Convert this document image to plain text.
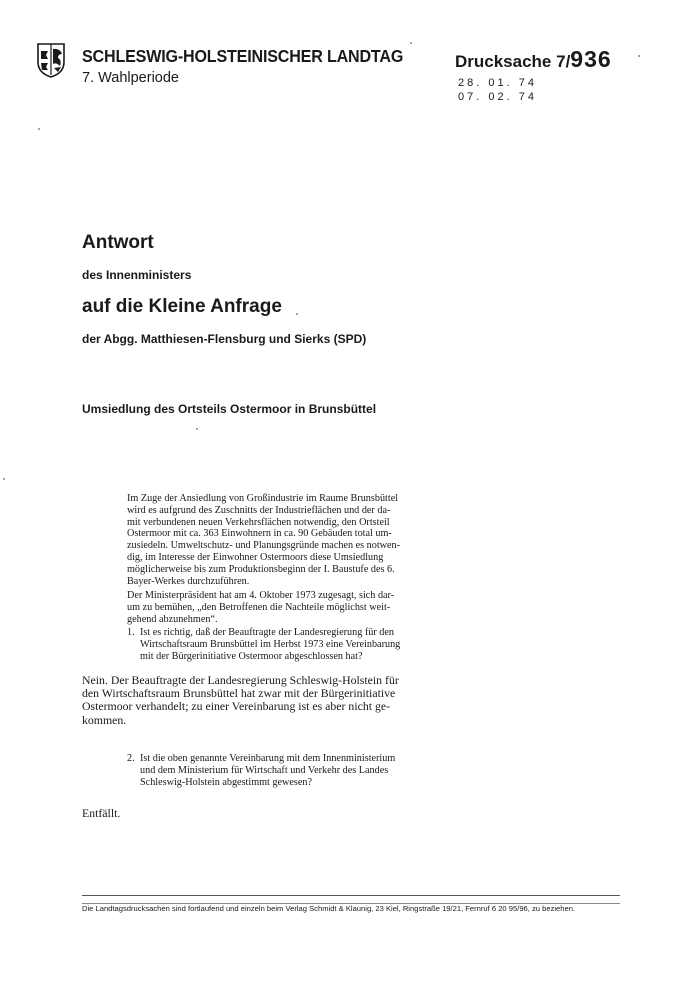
SCHLESWIG-HOLSTEINISCHER LANDTAG
7. Wahlperiode
Drucksache 7/936
28. 01. 74
07. 02. 74
Antwort
des Innenministers
auf die Kleine Anfrage
der Abgg. Matthiesen-Flensburg und Sierks (SPD)
Umsiedlung des Ortsteils Ostermoor in Brunsbüttel
Im Zuge der Ansiedlung von Großindustrie im Raume Brunsbüttel
wird es aufgrund des Zuschnitts der Industrieflächen und der da-
mit verbundenen neuen Verkehrsflächen notwendig, den Ortsteil
Ostermoor mit ca. 363 Einwohnern in ca. 90 Gebäuden total um-
zusiedeln. Umweltschutz- und Planungsgründe machen es notwen-
dig, im Interesse der Einwohner Ostermoors diese Umsiedlung
möglicherweise bis zum Produktionsbeginn der I. Baustufe des 6.
Bayer-Werkes durchzuführen.
Der Ministerpräsident hat am 4. Oktober 1973 zugesagt, sich dar-
um zu bemühen, „den Betroffenen die Nachteile möglichst weit-
gehend abzunehmen“.
1. Ist es richtig, daß der Beauftragte der Landesregierung für den
Wirtschaftsraum Brunsbüttel im Herbst 1973 eine Vereinbarung
mit der Bürgerinitiative Ostermoor abgeschlossen hat?
Nein. Der Beauftragte der Landesregierung Schleswig-Holstein für
den Wirtschaftsraum Brunsbüttel hat zwar mit der Bürgerinitiative
Ostermoor verhandelt; zu einer Vereinbarung ist es aber nicht ge-
kommen.
2. Ist die oben genannte Vereinbarung mit dem Innenministerium
und dem Ministerium für Wirtschaft und Verkehr des Landes
Schleswig-Holstein abgestimmt gewesen?
Entfällt.
Die Landtagsdrucksachen sind fortlaufend und einzeln beim Verlag Schmidt & Klaunig, 23 Kiel, Ringstraße 19/21, Fernruf 6 20 95/96, zu beziehen.
